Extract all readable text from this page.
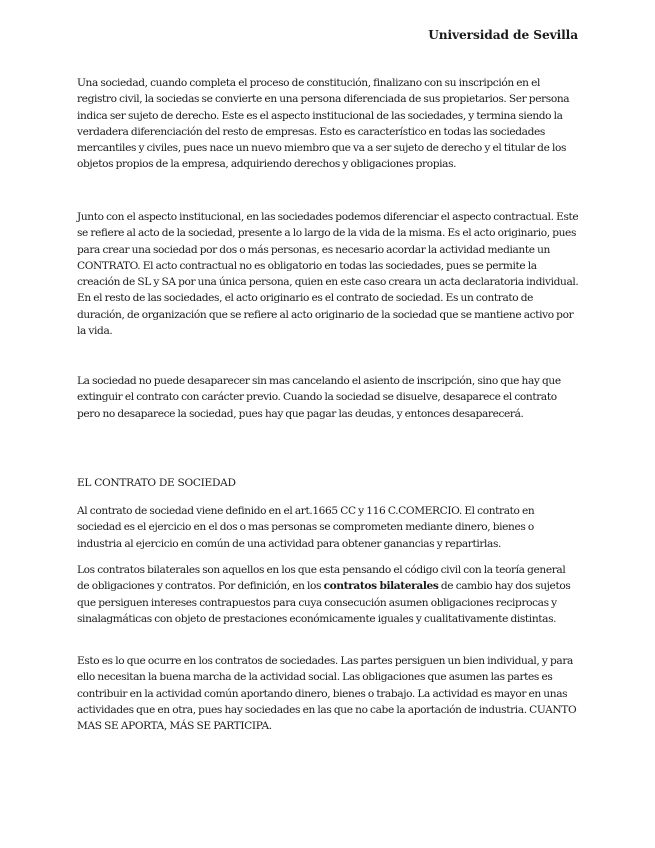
Universidad de Sevilla

Una sociedad, cuando completa el proceso de constitución, finalizano con su inscripción en el registro civil, la sociedas se convierte en una persona diferenciada de sus propietarios. Ser persona indica ser sujeto de derecho. Este es el aspecto institucional de las sociedades, y termina siendo la verdadera diferenciación del resto de empresas. Esto es característico en todas las sociedades mercantiles y civiles, pues nace un nuevo miembro que va a ser sujeto de derecho y el titular de los objetos propios de la empresa, adquiriendo derechos y obligaciones propias.

Junto con el aspecto institucional, en las sociedades podemos diferenciar el aspecto contractual. Este se refiere al acto de la sociedad, presente a lo largo de la vida de la misma. Es el acto originario, pues para crear una sociedad por dos o más personas, es necesario acordar la actividad mediante un CONTRATO. El acto contractual no es obligatorio en todas las sociedades, pues se permite la creación de SL y SA por una única persona, quien en este caso creara un acta declaratoria individual. En el resto de las sociedades, el acto originario es el contrato de sociedad. Es un contrato de duración, de organización que se refiere al acto originario de la sociedad que se mantiene activo por la vida.

La sociedad no puede desaparecer sin mas cancelando el asiento de inscripción, sino que hay que extinguir el contrato con carácter previo. Cuando la sociedad se disuelve, desaparece el contrato pero no desaparece la sociedad, pues hay que pagar las deudas, y entonces desaparecerá.

EL CONTRATO DE SOCIEDAD

Al contrato de sociedad viene definido en el art.1665 CC y 116 C.COMERCIO. El contrato en sociedad es el ejercicio en el dos o mas personas se comprometen mediante dinero, bienes o industria al ejercicio en común de una actividad para obtener ganancias y repartirlas.

Los contratos bilaterales son aquellos en los que esta pensando el código civil con la teoría general de obligaciones y contratos. Por definición, en los contratos bilaterales de cambio hay dos sujetos que persiguen intereses contrapuestos para cuya consecución asumen obligaciones reciprocas y sinalagmáticas con objeto de prestaciones económicamente iguales y cualitativamente distintas.

Esto es lo que ocurre en los contratos de sociedades. Las partes persiguen un bien individual, y para ello necesitan la buena marcha de la actividad social. Las obligaciones que asumen las partes es contribuir en la actividad común aportando dinero, bienes o trabajo. La actividad es mayor en unas actividades que en otra, pues hay sociedades en las que no cabe la aportación de industria. CUANTO MAS SE APORTA, MÁS SE PARTICIPA.
